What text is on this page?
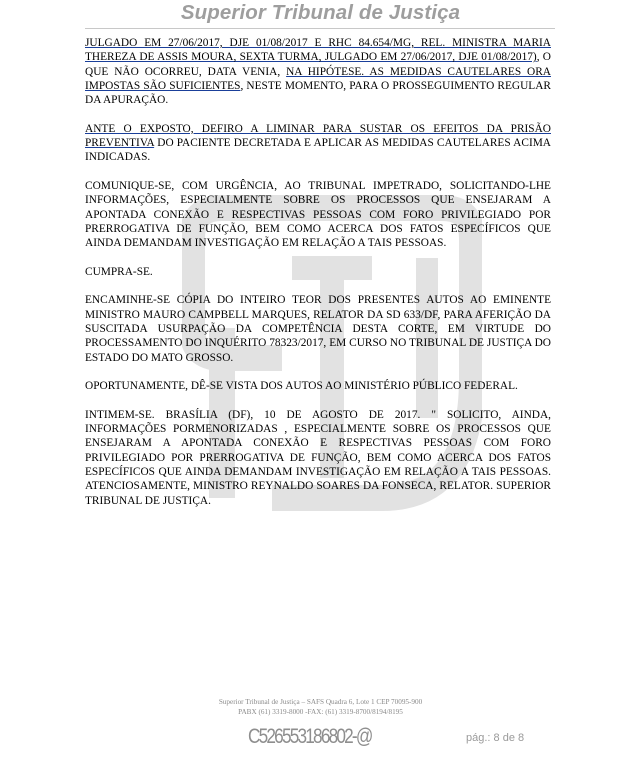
Superior Tribunal de Justiça

JULGADO EM 27/06/2017, DJE 01/08/2017 E RHC 84.654/MG, REL. MINISTRA MARIA THEREZA DE ASSIS MOURA, SEXTA TURMA, JULGADO EM 27/06/2017, DJE 01/08/2017), O QUE NÃO OCORREU, DATA VENIA, NA HIPÓTESE. AS MEDIDAS CAUTELARES ORA IMPOSTAS SÃO SUFICIENTES, NESTE MOMENTO, PARA O PROSSEGUIMENTO REGULAR DA APURAÇÃO.

ANTE O EXPOSTO, DEFIRO A LIMINAR PARA SUSTAR OS EFEITOS DA PRISÃO PREVENTIVA DO PACIENTE DECRETADA E APLICAR AS MEDIDAS CAUTELARES ACIMA INDICADAS.

COMUNIQUE-SE, COM URGÊNCIA, AO TRIBUNAL IMPETRADO, SOLICITANDO-LHE INFORMAÇÕES, ESPECIALMENTE SOBRE OS PROCESSOS QUE ENSEJARAM A APONTADA CONEXÃO E RESPECTIVAS PESSOAS COM FORO PRIVILEGIADO POR PRERROGATIVA DE FUNÇÃO, BEM COMO ACERCA DOS FATOS ESPECÍFICOS QUE AINDA DEMANDAM INVESTIGAÇÃO EM RELAÇÃO A TAIS PESSOAS.

CUMPRA-SE.

ENCAMINHE-SE CÓPIA DO INTEIRO TEOR DOS PRESENTES AUTOS AO EMINENTE MINISTRO MAURO CAMPBELL MARQUES, RELATOR DA SD 633/DF, PARA AFERIÇÃO DA SUSCITADA USURPAÇÃO DA COMPETÊNCIA DESTA CORTE, EM VIRTUDE DO PROCESSAMENTO DO INQUÉRITO 78323/2017, EM CURSO NO TRIBUNAL DE JUSTIÇA DO ESTADO DO MATO GROSSO.

OPORTUNAMENTE, DÊ-SE VISTA DOS AUTOS AO MINISTÉRIO PÚBLICO FEDERAL.

INTIMEM-SE. BRASÍLIA (DF), 10 DE AGOSTO DE 2017. " SOLICITO, AINDA, INFORMAÇÕES PORMENORIZADAS , ESPECIALMENTE SOBRE OS PROCESSOS QUE ENSEJARAM A APONTADA CONEXÃO E RESPECTIVAS PESSOAS COM FORO PRIVILEGIADO POR PRERROGATIVA DE FUNÇÃO, BEM COMO ACERCA DOS FATOS ESPECÍFICOS QUE AINDA DEMANDAM INVESTIGAÇÃO EM RELAÇÃO A TAIS PESSOAS. ATENCIOSAMENTE, MINISTRO REYNALDO SOARES DA FONSECA, RELATOR. SUPERIOR TRIBUNAL DE JUSTIÇA.

Superior Tribunal de Justiça – SAFS Quadra 6, Lote 1 CEP 70095-900
PABX (61) 3319-8000 -FAX: (61) 3319-8700/8194/8195
C526553186802-@	pág.: 8 de 8
